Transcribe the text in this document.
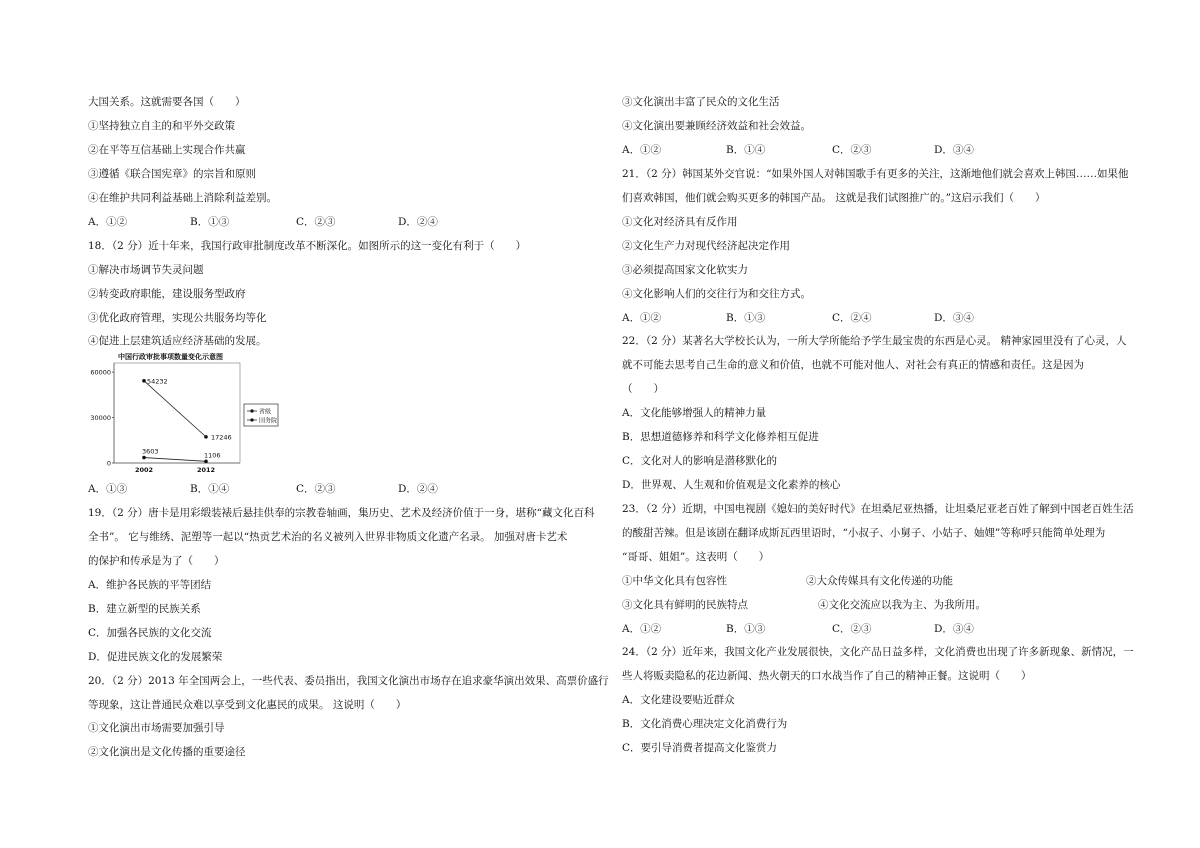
大国关系。这就需要各国（　　）
①坚持独立自主的和平外交政策
②在平等互信基础上实现合作共赢
③遵循《联合国宪章》的宗旨和原则
④在维护共同利益基础上消除利益差别。
A．①②	B．①③	C．②③	D．②④
18．（2 分）近十年来，我国行政审批制度改革不断深化。如图所示的这一变化有利于（　　）
①解决市场调节失灵问题
②转变政府职能，建设服务型政府
③优化政府管理，实现公共服务均等化
④促进上层建筑适应经济基础的发展。
中国行政审批事项数量变化示意图
0
30000
60000
2002	2012
54232
17246
3603	1106
省级
国务院
A．①③	B．①④	C．②③	D．②④
19．（2 分）唐卡是用彩缎装裱后悬挂供奉的宗教卷轴画，集历史、艺术及经济价值于一身，堪称“藏文化百科
全书”。 它与维绣、泥塑等一起以“热贡艺术治的名义被列入世界非物质文化遗产名录。 加强对唐卡艺术
的保护和传承是为了（　　）
A．维护各民族的平等团结
B．建立新型的民族关系
C．加强各民族的文化交流
D．促进民族文化的发展繁荣
20．（2 分）2013 年全国两会上，一些代表、委员指出，我国文化演出市场存在追求豪华演出效果、高票价盛行
等现象，这让普通民众难以享受到文化惠民的成果。 这说明（　　）
①文化演出市场需要加强引导
②文化演出是文化传播的重要途径
③文化演出丰富了民众的文化生活
④文化演出要兼顾经济效益和社会效益。
A．①②	B．①④	C．②③	D．③④
21．（2 分）韩国某外交官说：“如果外国人对韩国歌手有更多的关注，这渐地他们就会喜欢上韩国……如果他
们喜欢韩国，他们就会购买更多的韩国产品。 这就是我们试图推广的。”这启示我们（　　）
①文化对经济具有反作用
②文化生产力对现代经济起决定作用
③必须提高国家文化软实力
④文化影响人们的交往行为和交往方式。
A．①②	B．①③	C．②④	D．③④
22．（2 分）某著名大学校长认为，一所大学所能给予学生最宝贵的东西是心灵。 精神家园里没有了心灵，人
就不可能去思考自己生命的意义和价值，也就不可能对他人、对社会有真正的情感和责任。这是因为
（　　）
A．文化能够增强人的精神力量
B．思想道德修养和科学文化修养相互促进
C．文化对人的影响是潜移默化的
D．世界观、人生观和价值观是文化素养的核心
23．（2 分）近期，中国电视剧《媳妇的美好时代》在坦桑尼亚热播，让坦桑尼亚老百姓了解到中国老百姓生活
的酸甜苦辣。但是该剧在翻译成斯瓦西里语时，“小叔子、小舅子、小姑子、妯娌”等称呼只能简单处理为
“哥哥、姐姐”。这表明（　　）
①中华文化具有包容性	②大众传媒具有文化传递的功能
③文化具有鲜明的民族特点	④文化交流应以我为主、为我所用。
A．①②	B．①③	C．②③	D．③④
24．（2 分）近年来，我国文化产业发展很快，文化产品日益多样，文化消费也出现了许多新现象、新情况，一
些人将贩卖隐私的花边新闻、热火朝天的口水战当作了自己的精神正餐。这说明（　　）
A．文化建设要贴近群众
B．文化消费心理决定文化消费行为
C．要引导消费者提高文化鉴赏力
